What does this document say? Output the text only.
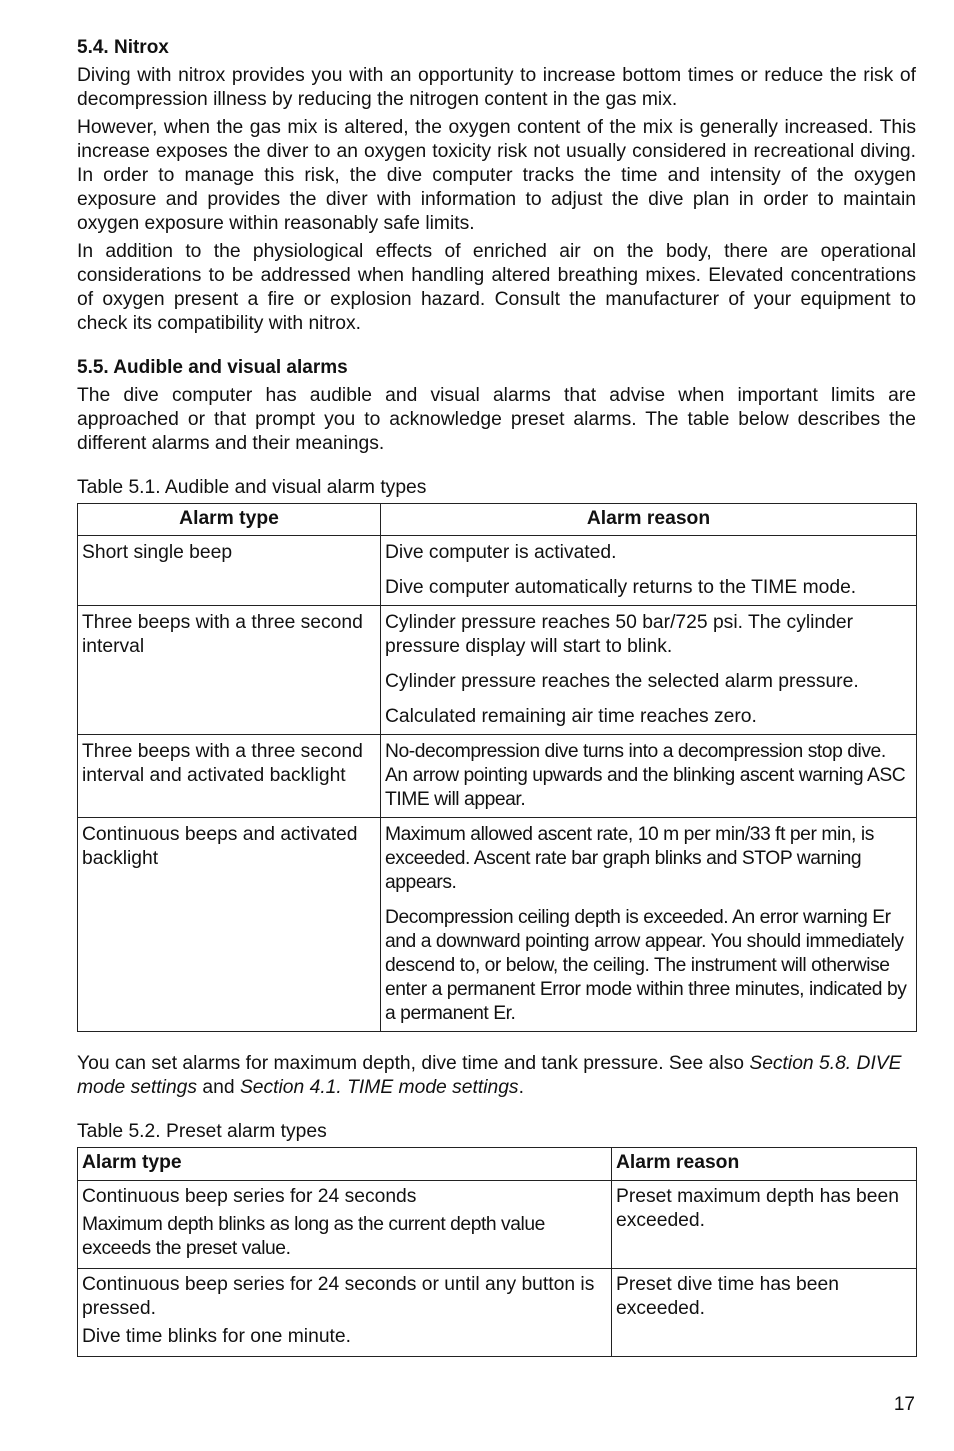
5.4. Nitrox

Diving with nitrox provides you with an opportunity to increase bottom times or reduce the risk of decompression illness by reducing the nitrogen content in the gas mix.

However, when the gas mix is altered, the oxygen content of the mix is generally increased. This increase exposes the diver to an oxygen toxicity risk not usually considered in recreational diving. In order to manage this risk, the dive computer tracks the time and intensity of the oxygen exposure and provides the diver with information to adjust the dive plan in order to maintain oxygen exposure within reasonably safe limits.

In addition to the physiological effects of enriched air on the body, there are operational considerations to be addressed when handling altered breathing mixes. Elevated concentrations of oxygen present a fire or explosion hazard. Consult the manufacturer of your equipment to check its compatibility with nitrox.

5.5. Audible and visual alarms

The dive computer has audible and visual alarms that advise when important limits are approached or that prompt you to acknowledge preset alarms. The table below describes the different alarms and their meanings.

Table 5.1. Audible and visual alarm types
Alarm type	Alarm reason
Short single beep	Dive computer is activated.
Dive computer automatically returns to the TIME mode.

Three beeps with a three second interval	Cylinder pressure reaches 50 bar/725 psi. The cylinder pressure display will start to blink.
Cylinder pressure reaches the selected alarm pressure.
Calculated remaining air time reaches zero.

Three beeps with a three second interval and activated backlight	No-decompression dive turns into a decompression stop dive. An arrow pointing upwards and the blinking ascent warning ASC TIME will appear.

Continuous beeps and activated backlight	Maximum allowed ascent rate, 10 m per min/33 ft per min, is exceeded. Ascent rate bar graph blinks and STOP warning appears.
Decompression ceiling depth is exceeded. An error warning Er and a downward pointing arrow appear. You should immediately descend to, or below, the ceiling. The instrument will otherwise enter a permanent Error mode within three minutes, indicated by a permanent Er.

You can set alarms for maximum depth, dive time and tank pressure. See also Section 5.8. DIVE mode settings and Section 4.1. TIME mode settings.

Table 5.2. Preset alarm types
Alarm type	Alarm reason

Continuous beep series for 24 seconds
Maximum depth blinks as long as the current depth value exceeds the preset value.	Preset maximum depth has been exceeded.

Continuous beep series for 24 seconds or until any button is pressed.
Dive time blinks for one minute.	Preset dive time has been exceeded.
17
